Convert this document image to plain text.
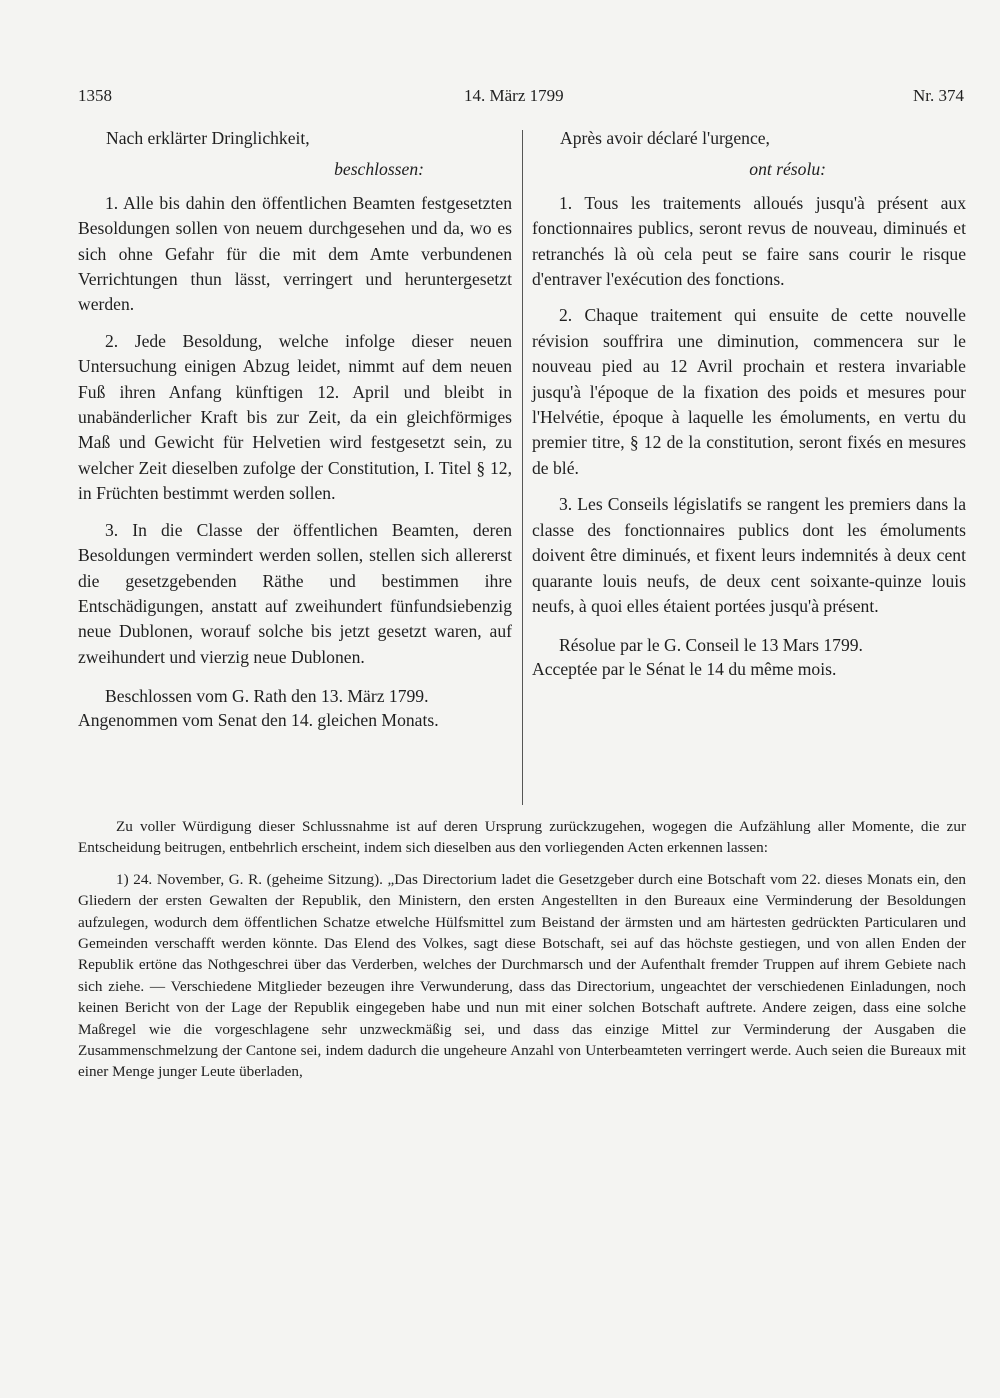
1358	14. März 1799	Nr. 374

Nach erklärter Dringlichkeit,

beschlossen:

1. Alle bis dahin den öffentlichen Beamten festgesetzten Besoldungen sollen von neuem durchgesehen und da, wo es sich ohne Gefahr für die mit dem Amte verbundenen Verrichtungen thun lässt, verringert und heruntergesetzt werden.

2. Jede Besoldung, welche infolge dieser neuen Untersuchung einigen Abzug leidet, nimmt auf dem neuen Fuß ihren Anfang künftigen 12. April und bleibt in unabänderlicher Kraft bis zur Zeit, da ein gleichförmiges Maß und Gewicht für Helvetien wird festgesetzt sein, zu welcher Zeit dieselben zufolge der Constitution, I. Titel § 12, in Früchten bestimmt werden sollen.

3. In die Classe der öffentlichen Beamten, deren Besoldungen vermindert werden sollen, stellen sich allererst die gesetzgebenden Räthe und bestimmen ihre Entschädigungen, anstatt auf zweihundert fünfundsiebenzig neue Dublonen, worauf solche bis jetzt gesetzt waren, auf zweihundert und vierzig neue Dublonen.

Beschlossen vom G. Rath den 13. März 1799.
Angenommen vom Senat den 14. gleichen Monats.

Après avoir déclaré l'urgence,

ont résolu:

1. Tous les traitements alloués jusqu'à présent aux fonctionnaires publics, seront revus de nouveau, diminués et retranchés là où cela peut se faire sans courir le risque d'entraver l'exécution des fonctions.

2. Chaque traitement qui ensuite de cette nouvelle révision souffrira une diminution, commencera sur le nouveau pied au 12 Avril prochain et restera invariable jusqu'à l'époque de la fixation des poids et mesures pour l'Helvétie, époque à laquelle les émoluments, en vertu du premier titre, § 12 de la constitution, seront fixés en mesures de blé.

3. Les Conseils législatifs se rangent les premiers dans la classe des fonctionnaires publics dont les émoluments doivent être diminués, et fixent leurs indemnités à deux cent quarante louis neufs, de deux cent soixante-quinze louis neufs, à quoi elles étaient portées jusqu'à présent.

Résolue par le G. Conseil le 13 Mars 1799.
Acceptée par le Sénat le 14 du même mois.

Zu voller Würdigung dieser Schlussnahme ist auf deren Ursprung zurückzugehen, wogegen die Aufzählung aller Momente, die zur Entscheidung beitrugen, entbehrlich erscheint, indem sich dieselben aus den vorliegenden Acten erkennen lassen:

1) 24. November, G. R. (geheime Sitzung). „Das Directorium ladet die Gesetzgeber durch eine Botschaft vom 22. dieses Monats ein, den Gliedern der ersten Gewalten der Republik, den Ministern, den ersten Angestellten in den Bureaux eine Verminderung der Besoldungen aufzulegen, wodurch dem öffentlichen Schatze etwelche Hülfsmittel zum Beistand der ärmsten und am härtesten gedrückten Particularen und Gemeinden verschafft werden könnte. Das Elend des Volkes, sagt diese Botschaft, sei auf das höchste gestiegen, und von allen Enden der Republik ertöne das Nothgeschrei über das Verderben, welches der Durchmarsch und der Aufenthalt fremder Truppen auf ihrem Gebiete nach sich ziehe. — Verschiedene Mitglieder bezeugen ihre Verwunderung, dass das Directorium, ungeachtet der verschiedenen Einladungen, noch keinen Bericht von der Lage der Republik eingegeben habe und nun mit einer solchen Botschaft auftrete. Andere zeigen, dass eine solche Maßregel wie die vorgeschlagene sehr unzweckmäßig sei, und dass das einzige Mittel zur Verminderung der Ausgaben die Zusammenschmelzung der Cantone sei, indem dadurch die ungeheure Anzahl von Unterbeamteten verringert werde. Auch seien die Bureaux mit einer Menge junger Leute überladen,
